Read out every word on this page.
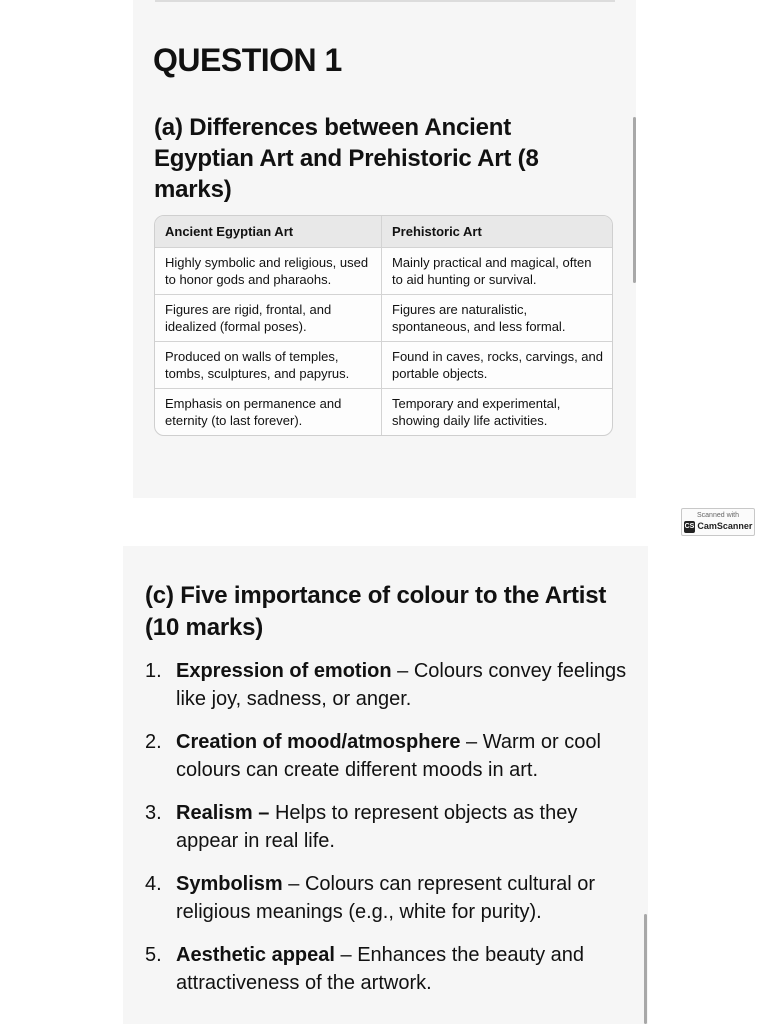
QUESTION 1
(a) Differences between Ancient Egyptian Art and Prehistoric Art (8 marks)
Ancient Egyptian Art	Prehistoric Art
Highly symbolic and religious, used to honor gods and pharaohs.	Mainly practical and magical, often to aid hunting or survival.
Figures are rigid, frontal, and idealized (formal poses).	Figures are naturalistic, spontaneous, and less formal.
Produced on walls of temples, tombs, sculptures, and papyrus.	Found in caves, rocks, carvings, and portable objects.
Emphasis on permanence and eternity (to last forever).	Temporary and experimental, showing daily life activities.
Scanned with
CS CamScanner
(c) Five importance of colour to the Artist (10 marks)
1. Expression of emotion – Colours convey feelings like joy, sadness, or anger.
2. Creation of mood/atmosphere – Warm or cool colours can create different moods in art.
3. Realism – Helps to represent objects as they appear in real life.
4. Symbolism – Colours can represent cultural or religious meanings (e.g., white for purity).
5. Aesthetic appeal – Enhances the beauty and attractiveness of the artwork.
